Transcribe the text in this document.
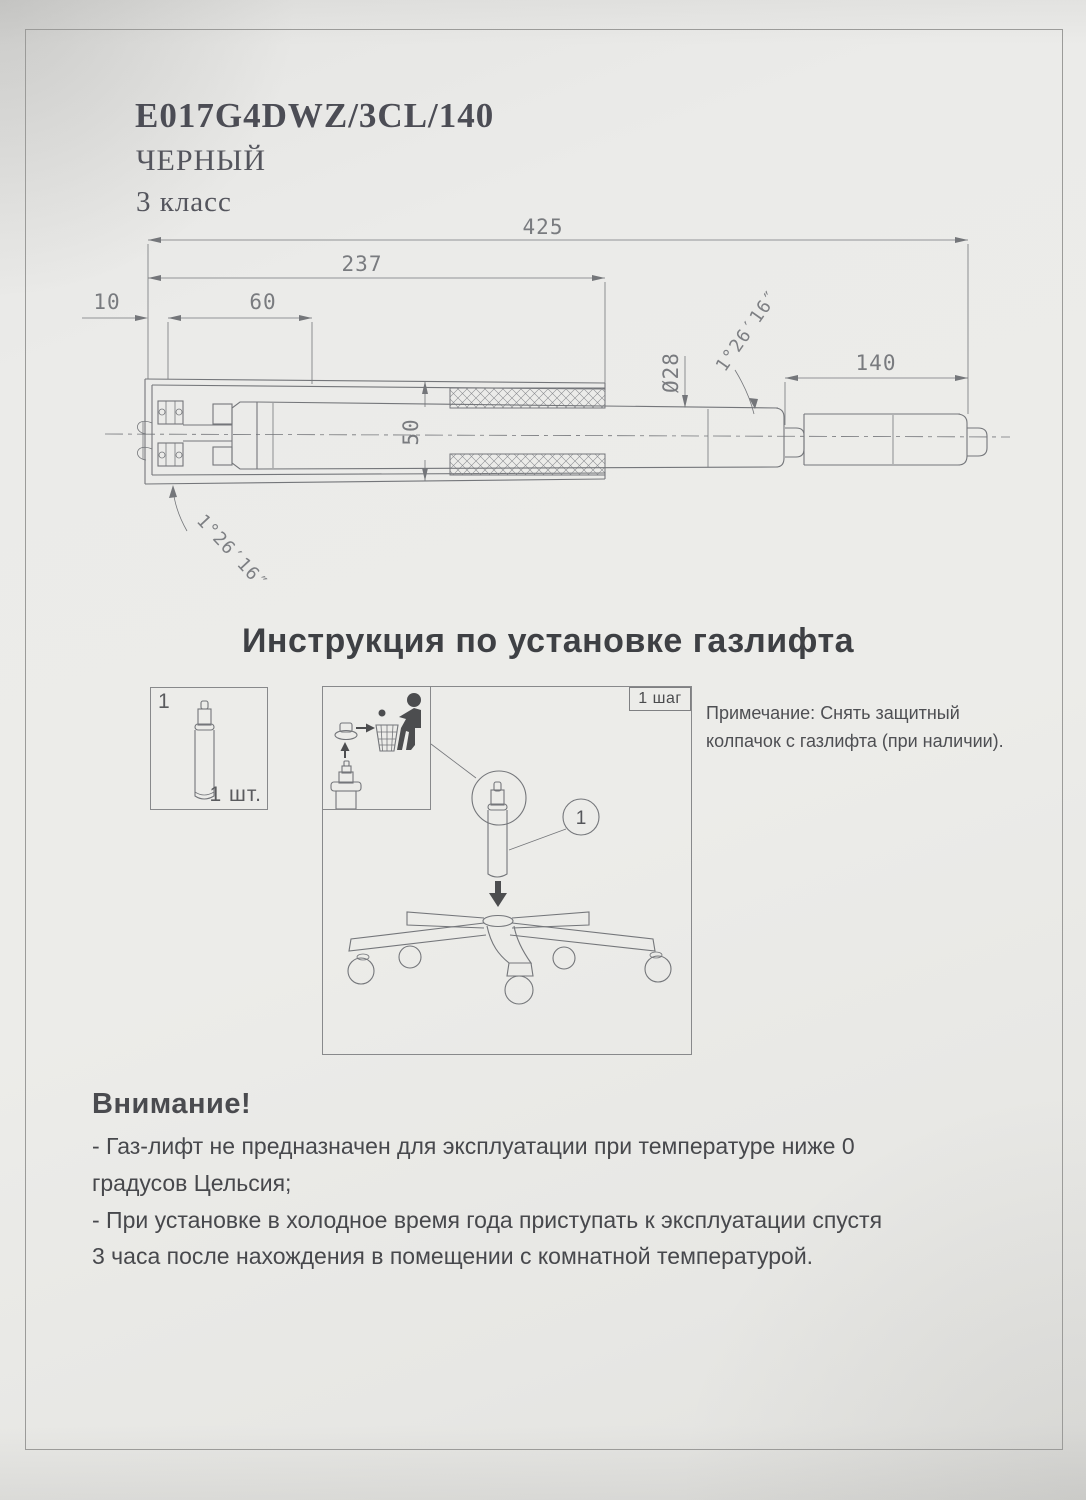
E017G4DWZ/3CL/140
ЧЕРНЫЙ
3 класс
425
237
10	60
50
Ø28 1°26′16″	140
1°26′16″
Инструкция по установке газлифта
1
1 шт.
1 шаг
1
Примечание: Снять защитный колпачок с газлифта (при наличии).
Внимание!
- Газ-лифт не предназначен для эксплуатации при температуре ниже 0
градусов Цельсия;
- При установке в холодное время года приступать к эксплуатации спустя
3 часа после нахождения в помещении с комнатной температурой.
